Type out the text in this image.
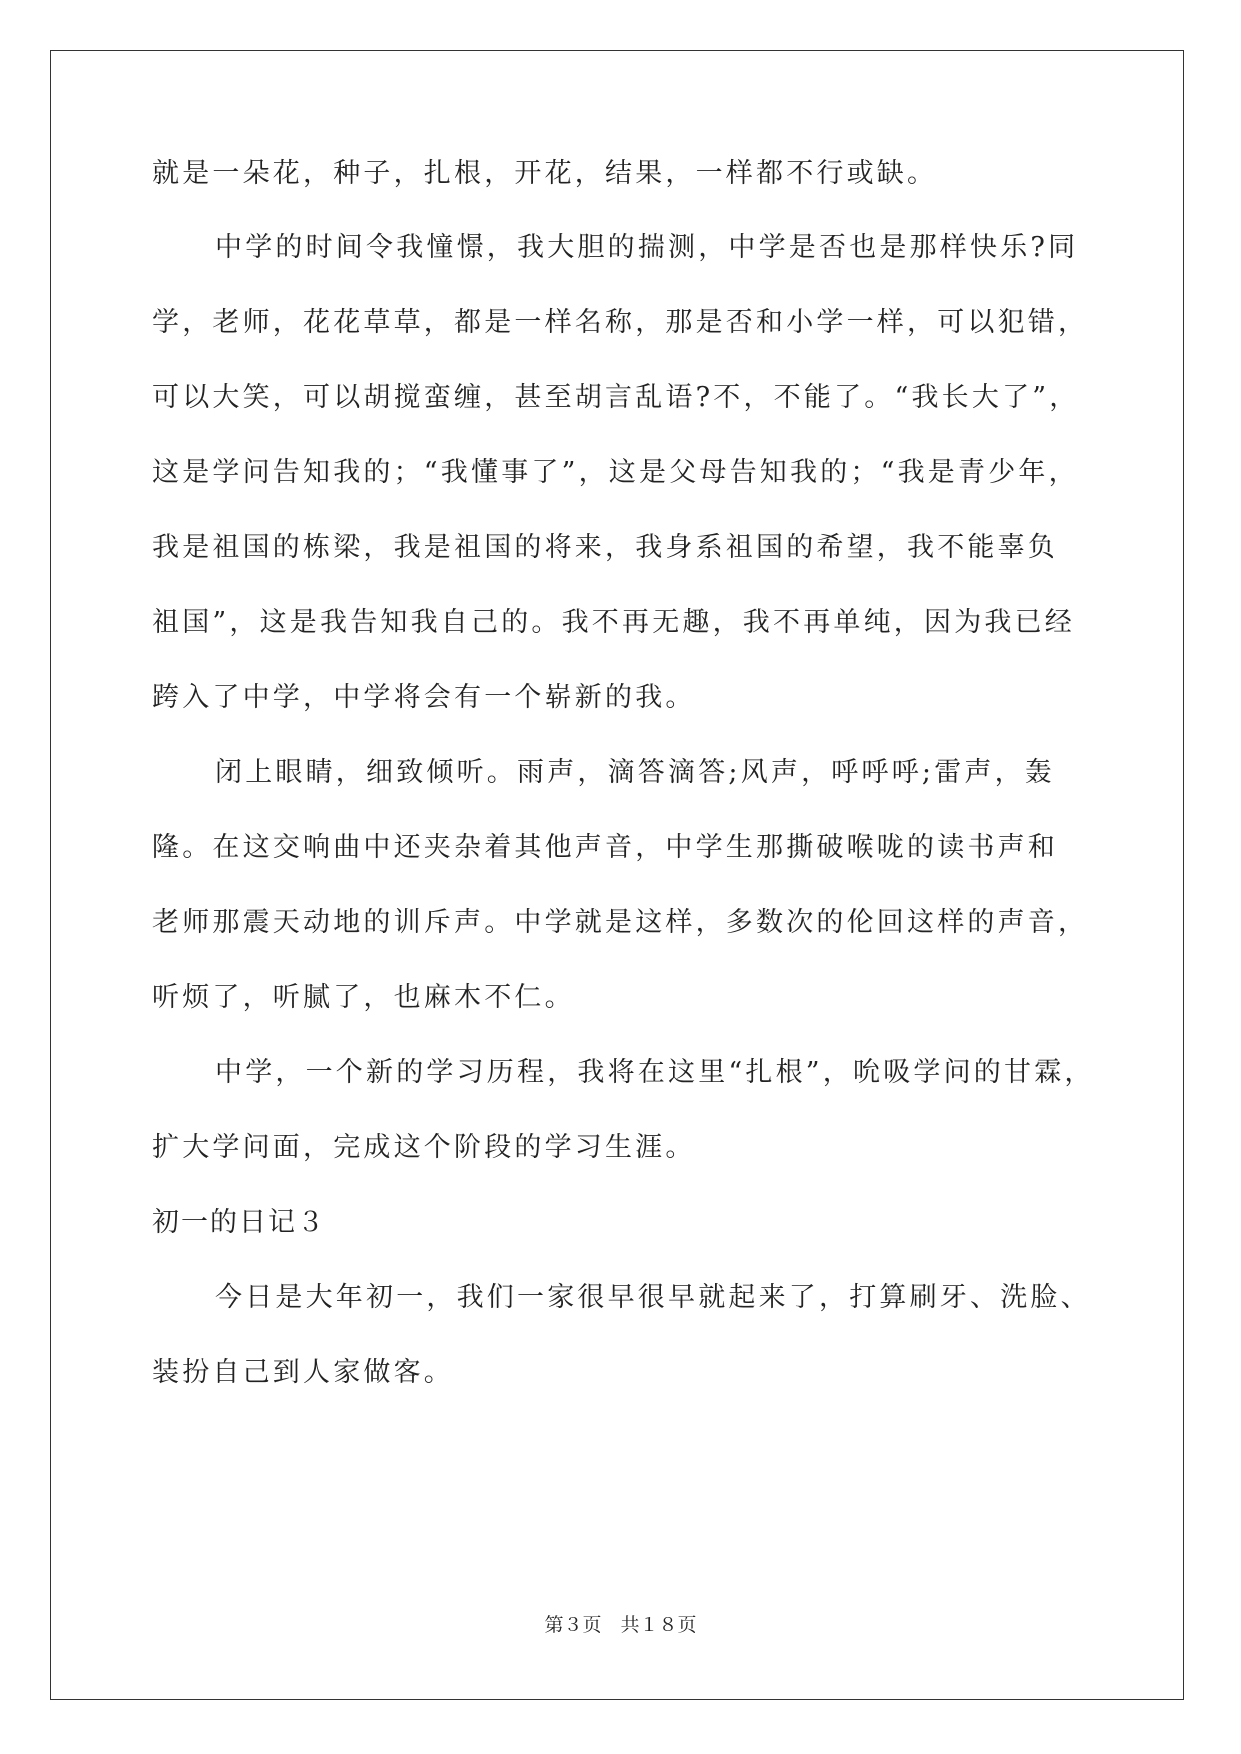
就是一朵花，种子，扎根，开花，结果，一样都不行或缺。
中学的时间令我憧憬，我大胆的揣测，中学是否也是那样快乐?同
学，老师，花花草草，都是一样名称，那是否和小学一样，可以犯错，
可以大笑，可以胡搅蛮缠，甚至胡言乱语?不，不能了。“我长大了”，
这是学问告知我的；“我懂事了”，这是父母告知我的；“我是青少年，
我是祖国的栋梁，我是祖国的将来，我身系祖国的希望，我不能辜负
祖国”，这是我告知我自己的。我不再无趣，我不再单纯，因为我已经
跨入了中学，中学将会有一个崭新的我。
闭上眼睛，细致倾听。雨声，滴答滴答;风声，呼呼呼;雷声，轰
隆。在这交响曲中还夹杂着其他声音，中学生那撕破喉咙的读书声和
老师那震天动地的训斥声。中学就是这样，多数次的伦回这样的声音，
听烦了，听腻了，也麻木不仁。
中学，一个新的学习历程，我将在这里“扎根”，吮吸学问的甘霖，
扩大学问面，完成这个阶段的学习生涯。
初一的日记３
今日是大年初一，我们一家很早很早就起来了，打算刷牙、洗脸、
装扮自己到人家做客。
第３页　共１８页
